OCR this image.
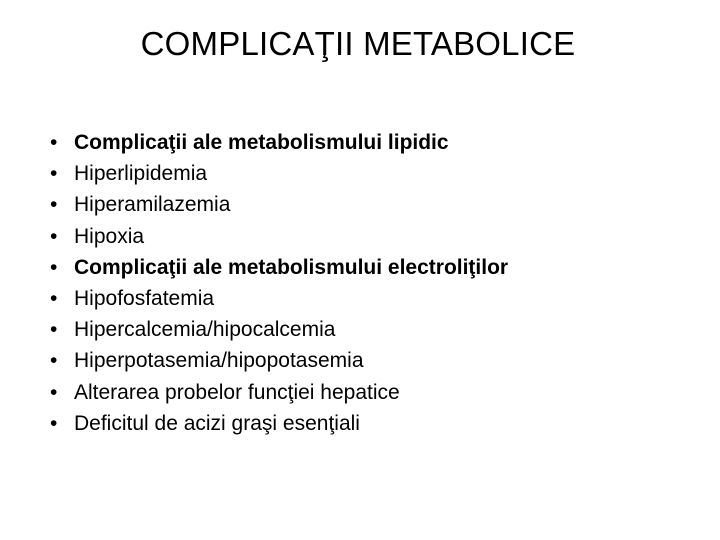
COMPLICAŢII METABOLICE
• Complicaţii ale metabolismului lipidic
• Hiperlipidemia
• Hiperamilazemia
• Hipoxia
• Complicaţii ale metabolismului electroliţilor
• Hipofosfatemia
• Hipercalcemia/hipocalcemia
• Hiperpotasemia/hipopotasemia
• Alterarea probelor funcţiei hepatice
• Deficitul de acizi graşi esenţiali
